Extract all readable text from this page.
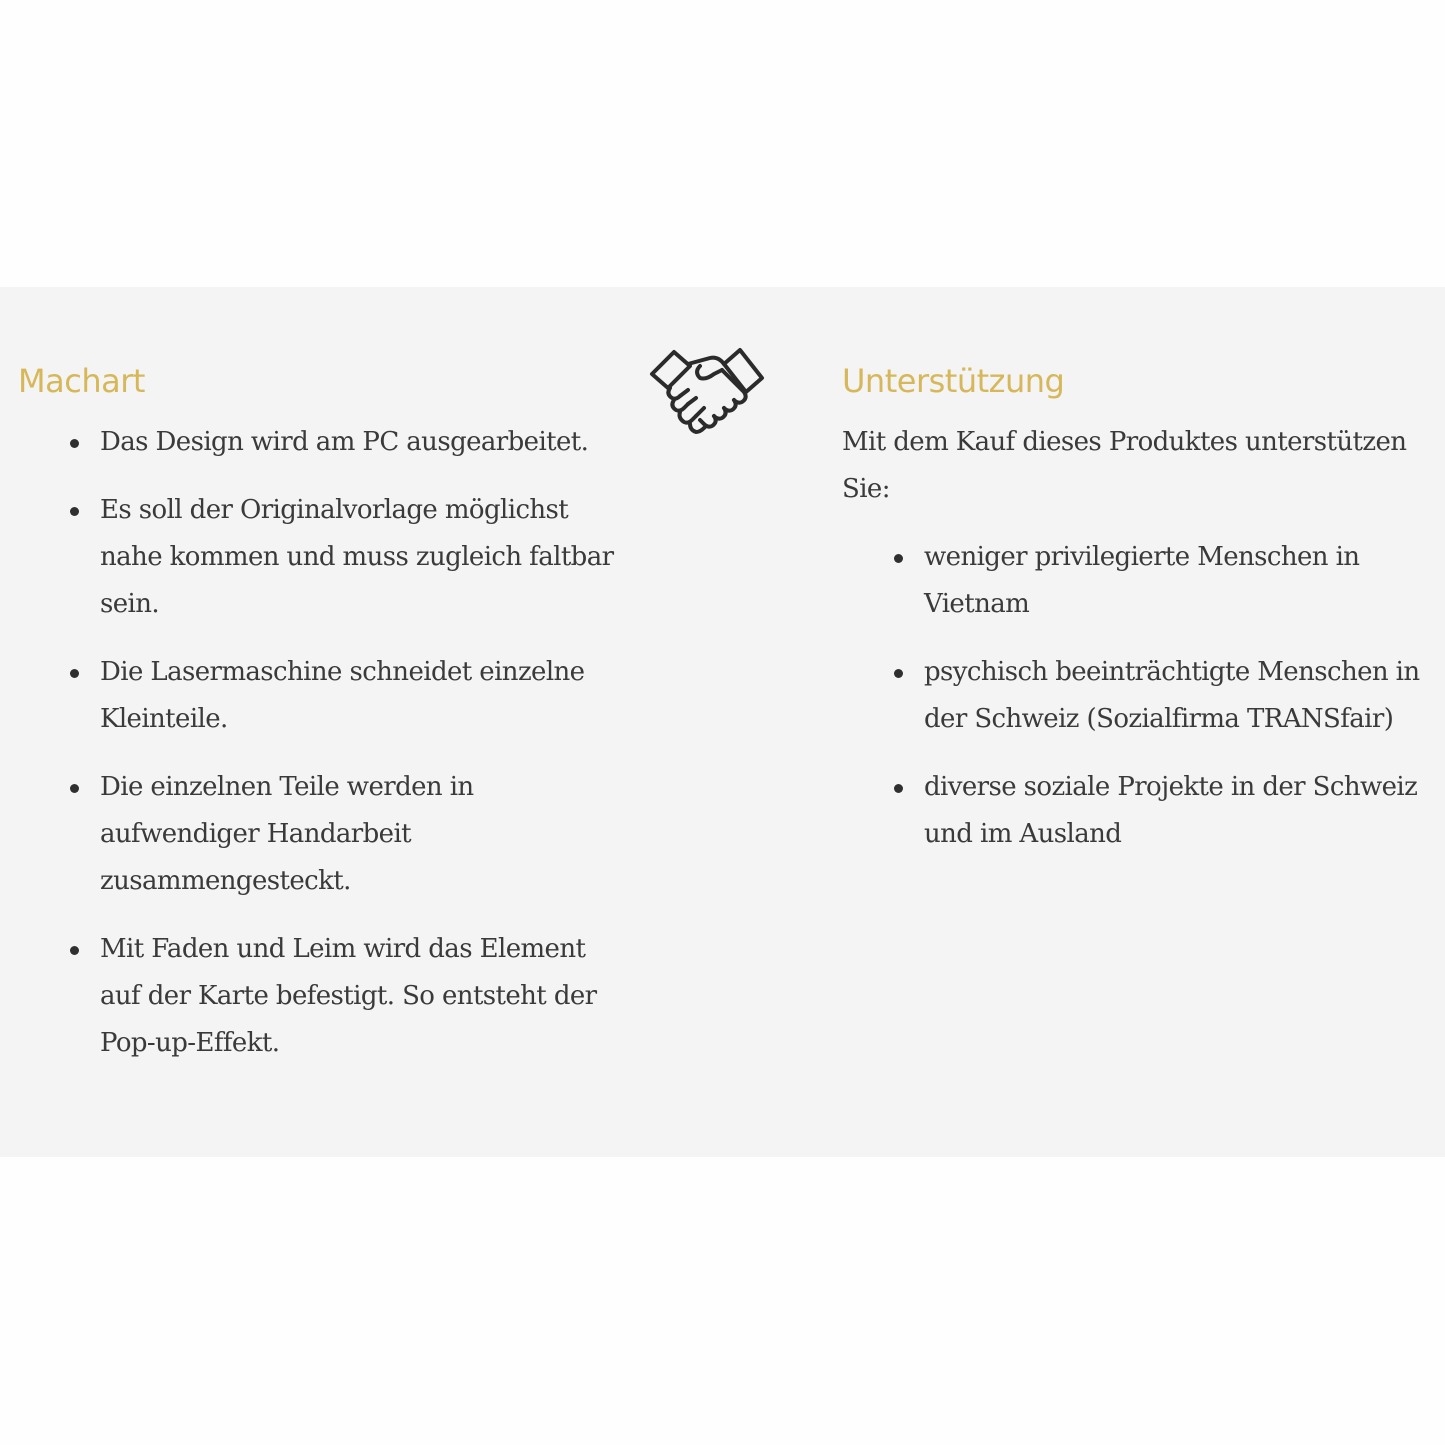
Machart
Das Design wird am PC ausgearbeitet.
Es soll der Originalvorlage möglichst nahe kommen und muss zugleich faltbar sein.
Die Lasermaschine schneidet einzelne Kleinteile.
Die einzelnen Teile werden in aufwendiger Handarbeit zusammengesteckt.
Mit Faden und Leim wird das Element auf der Karte befestigt. So entsteht der Pop-up-Effekt.
Unterstützung

Mit dem Kauf dieses Produktes unterstützen Sie:

weniger privilegierte Menschen in Vietnam
psychisch beeinträchtigte Menschen in der Schweiz (Sozialfirma TRANSfair)
diverse soziale Projekte in der Schweiz und im Ausland
